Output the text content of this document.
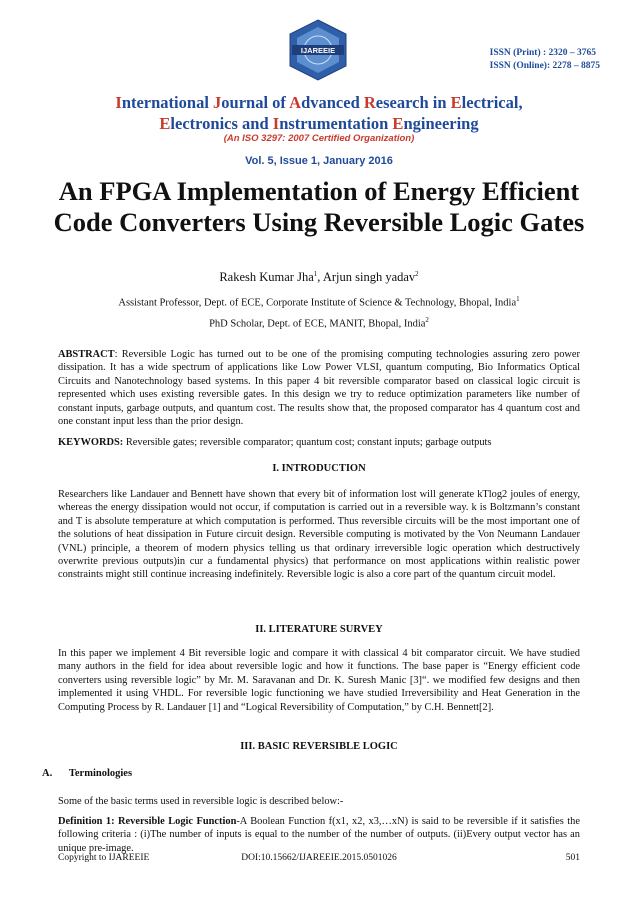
IJAREEIE	ISSN (Print) : 2320 – 3765
ISSN (Online): 2278 – 8875
International Journal of Advanced Research in Electrical,
Electronics and Instrumentation Engineering
(An ISO 3297: 2007 Certified Organization)
Vol. 5, Issue 1, January 2016
An FPGA Implementation of Energy Efficient Code Converters Using Reversible Logic Gates
Rakesh Kumar Jha$^1$, Arjun singh yadav$^2$
Assistant Professor, Dept. of ECE, Corporate Institute of Science & Technology, Bhopal, India$^1$
PhD Scholar, Dept. of ECE, MANIT, Bhopal, India$^2$
ABSTRACT: Reversible Logic has turned out to be one of the promising computing technologies assuring zero power dissipation. It has a wide spectrum of applications like Low Power VLSI, quantum computing, Bio Informatics Optical Circuits and Nanotechnology based systems. In this paper 4 bit reversible comparator based on classical logic circuit is represented which uses existing reversible gates. In this design we try to reduce optimization parameters like number of constant inputs, garbage outputs, and quantum cost. The results show that, the proposed comparator has 4 quantum cost and one constant input less than the prior design.
KEYWORDS: Reversible gates; reversible comparator; quantum cost; constant inputs; garbage outputs
I. INTRODUCTION
Researchers like Landauer and Bennett have shown that every bit of information lost will generate kTlog2 joules of energy, whereas the energy dissipation would not occur, if computation is carried out in a reversible way. k is Boltzmann’s constant and T is absolute temperature at which computation is performed. Thus reversible circuits will be the most important one of the solutions of heat dissipation in Future circuit design. Reversible computing is motivated by the Von Neumann Landauer (VNL) principle, a theorem of modern physics telling us that ordinary irreversible logic operation which destructively overwrite previous outputs)in cur a fundamental physics) that performance on most applications within realistic power constraints might still continue increasing indefinitely. Reversible logic is also a core part of the quantum circuit model.
II. LITERATURE SURVEY
In this paper we implement 4 Bit reversible logic and compare it with classical 4 bit comparator circuit. We have studied many authors in the field for idea about reversible logic and how it functions. The base paper is “Energy efficient code converters using reversible logic” by Mr. M. Saravanan and Dr. K. Suresh Manic [3]“. we modified few designs and then implemented it using VHDL. For reversible logic functioning we have studied Irreversibility and Heat Generation in the Computing Process by R. Landauer [1] and “Logical Reversibility of Computation,” by C.H. Bennett[2].
III. BASIC REVERSIBLE LOGIC
A. Terminologies
Some of the basic terms used in reversible logic is described below:-
Definition 1: Reversible Logic Function-A Boolean Function f(x1, x2, x3,…xN) is said to be reversible if it satisfies the following criteria : (i)The number of inputs is equal to the number of the number of outputs. (ii)Every output vector has an unique pre-image.
Copyright to IJAREEIE	DOI:10.15662/IJAREEIE.2015.0501026	501
